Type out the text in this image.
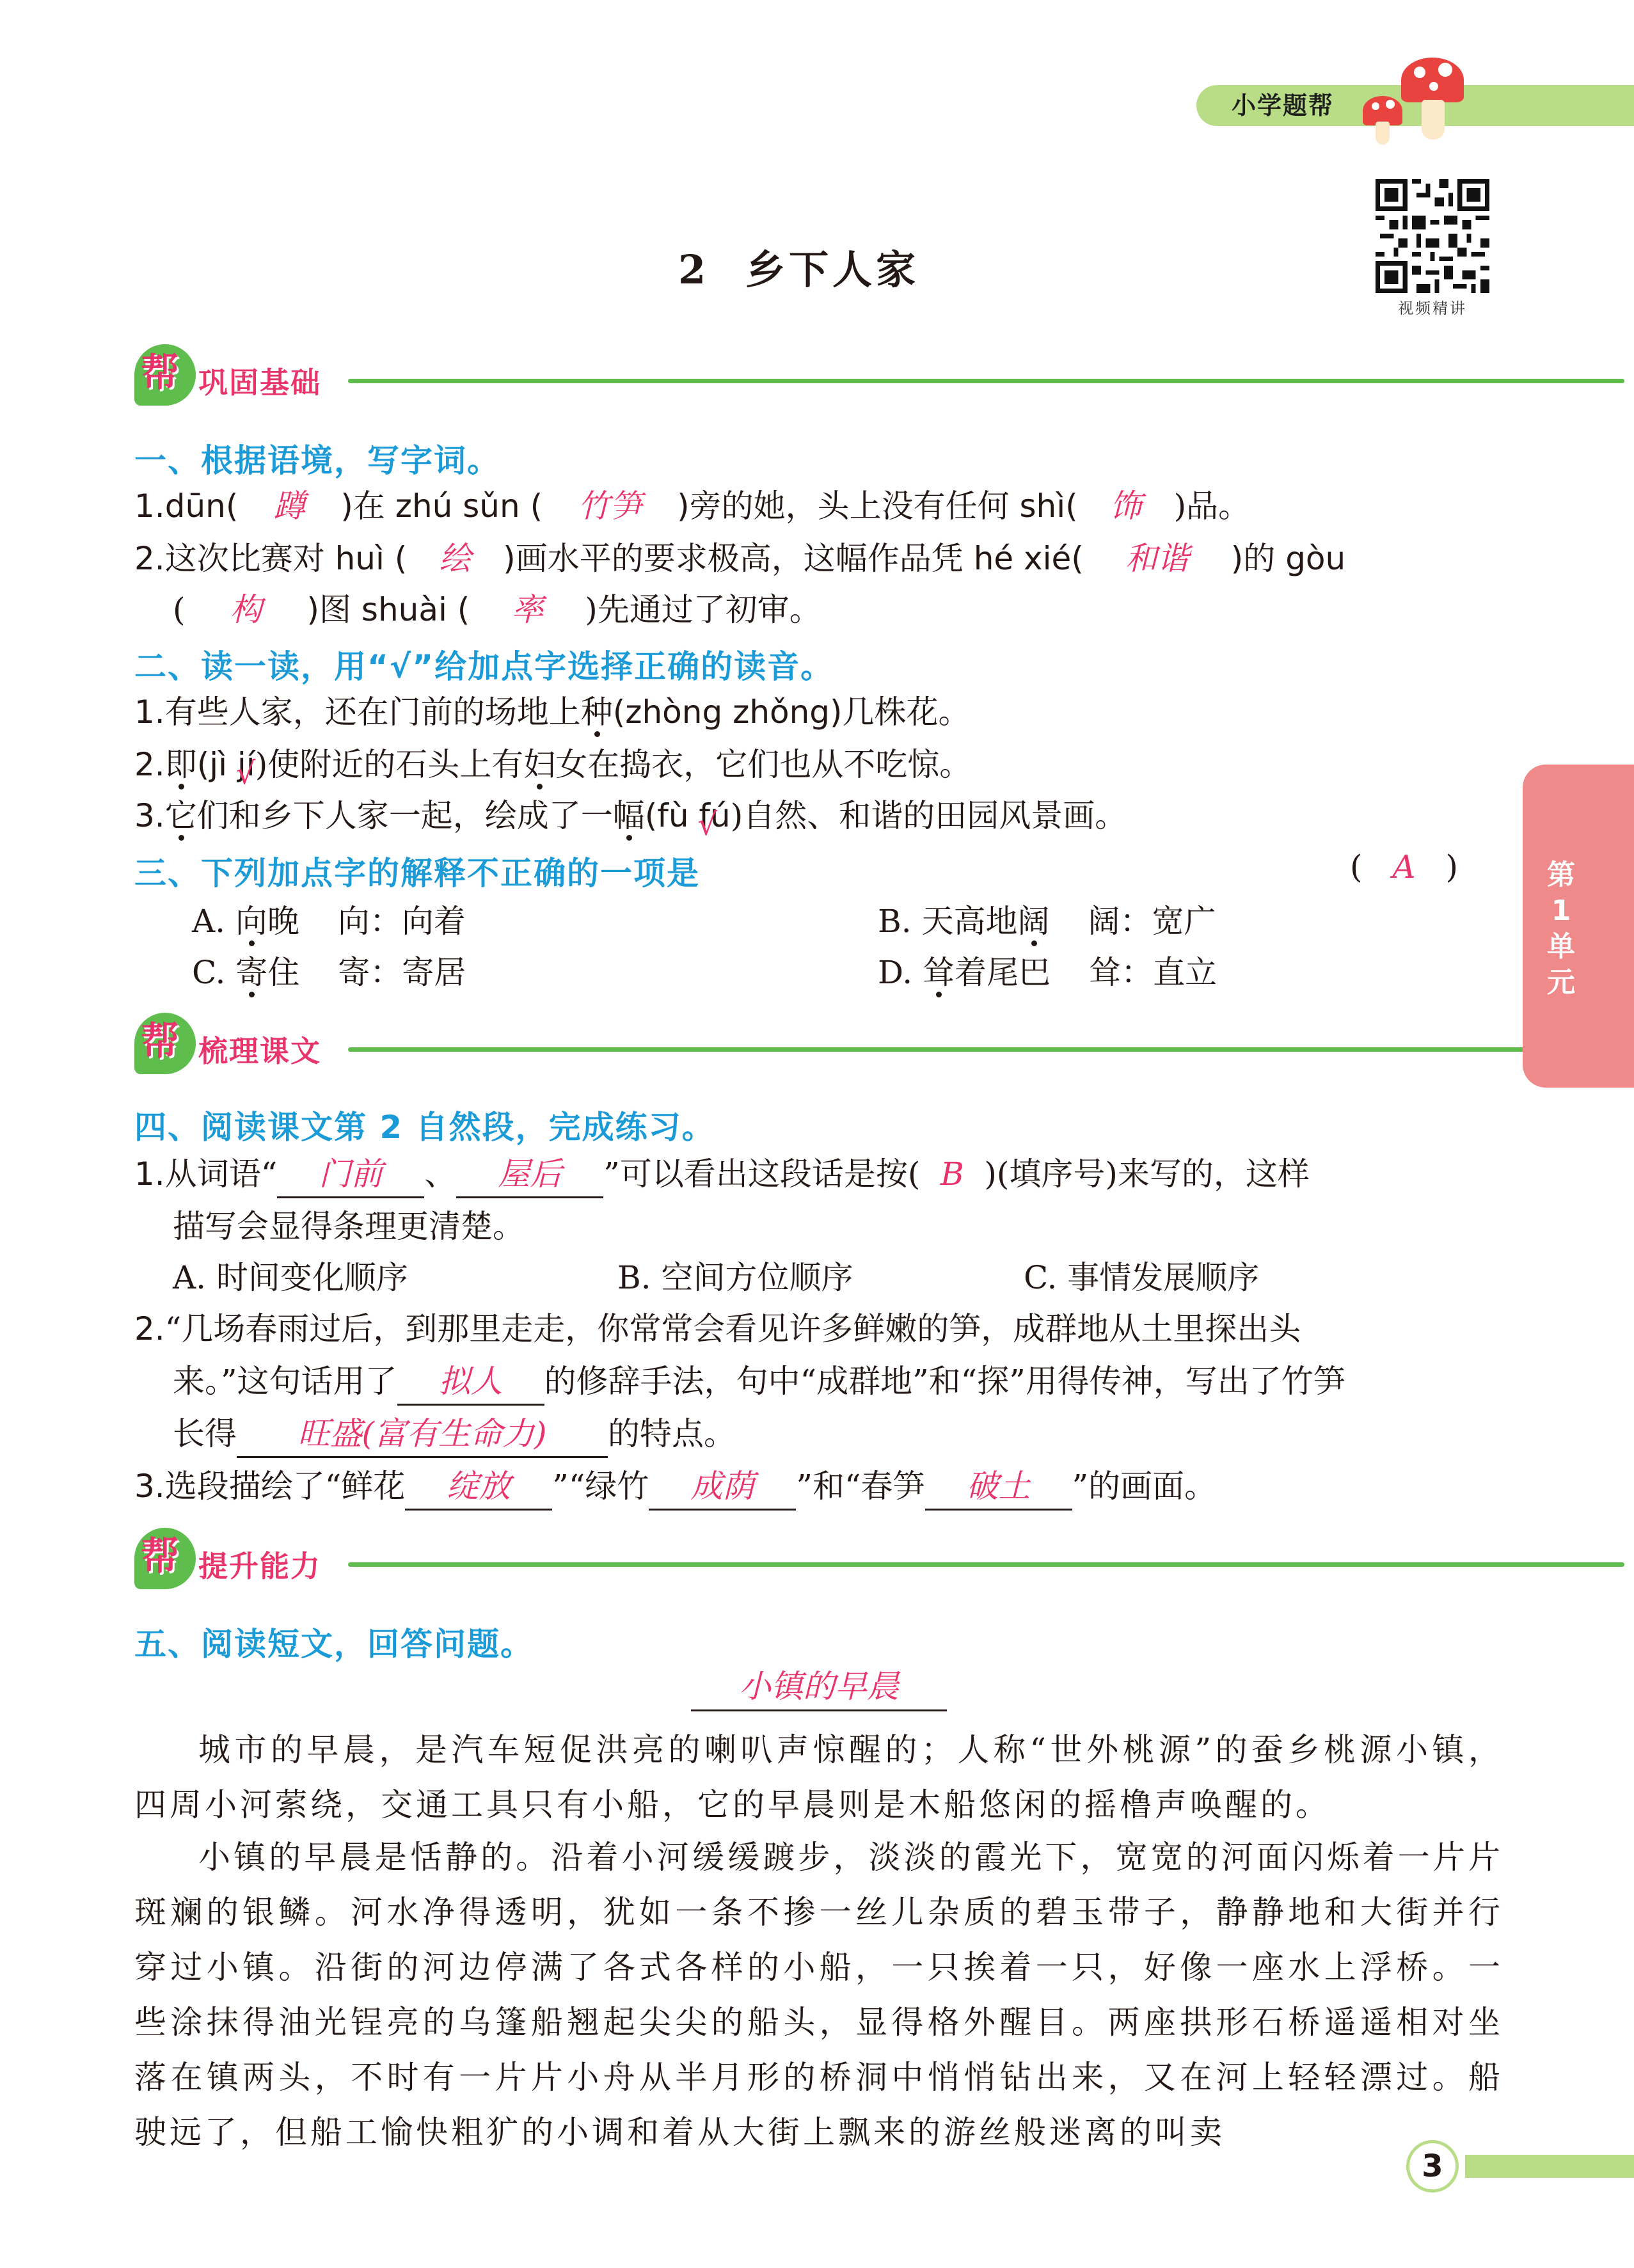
小学题帮
视频精讲
2 乡下人家
帮 巩固基础
一、根据语境，写字词。
1.dūn( 蹲 )在 zhú sǔn ( 竹笋 )旁的她，头上没有任何 shì( 饰 )品。
2.这次比赛对 huì ( 绘 )画水平的要求极高，这幅作品凭 hé xié( 和谐 )的 gòu
( 构 )图 shuài ( 率 )先通过了初审。
二、读一读，用“√”给加点字选择正确的读音。
1.有些人家，还在门前的场地上种(zhòng zhǒng)几株花。
2.即(jì √ jí)使附近的石头上有妇女在捣衣，它们也从不吃惊。
3.它们和乡下人家一起，绘成了一幅(fù √ fú)自然、和谐的田园风景画。
三、下列加点字的解释不正确的一项是	( A )
A. 向晚 向：向着	B. 天高地阔 阔：宽广
C. 寄住 寄：寄居	D. 耸着尾巴 耸：直立
帮 梳理课文
四、阅读课文第 2 自然段，完成练习。
1.从词语“ 门前 、 屋后 ”可以看出这段话是按( B )(填序号)来写的，这样
描写会显得条理更清楚。
A. 时间变化顺序	B. 空间方位顺序	C. 事情发展顺序
2.“几场春雨过后，到那里走走，你常常会看见许多鲜嫩的笋，成群地从土里探出头
来。”这句话用了 拟人 的修辞手法，句中“成群地”和“探”用得传神，写出了竹笋
长得 旺盛(富有生命力) 的特点。
3.选段描绘了“鲜花 绽放 ”“绿竹 成荫 ”和“春笋 破土 ”的画面。
帮 提升能力
五、阅读短文，回答问题。
小镇的早晨
城市的早晨，是汽车短促洪亮的喇叭声惊醒的；人称“世外桃源”的蚕乡桃源小镇，四周小河萦绕，交通工具只有小船，它的早晨则是木船悠闲的摇橹声唤醒的。
小镇的早晨是恬静的。沿着小河缓缓踱步，淡淡的霞光下，宽宽的河面闪烁着一片片斑斓的银鳞。河水净得透明，犹如一条不掺一丝儿杂质的碧玉带子，静静地和大街并行穿过小镇。沿街的河边停满了各式各样的小船，一只挨着一只，好像一座水上浮桥。一些涂抹得油光锃亮的乌篷船翘起尖尖的船头，显得格外醒目。两座拱形石桥遥遥相对坐落在镇两头，不时有一片片小舟从半月形的桥洞中悄悄钻出来，又在河上轻轻漂过。船驶远了，但船工愉快粗犷的小调和着从大街上飘来的游丝般迷离的叫卖
第1单元
3
